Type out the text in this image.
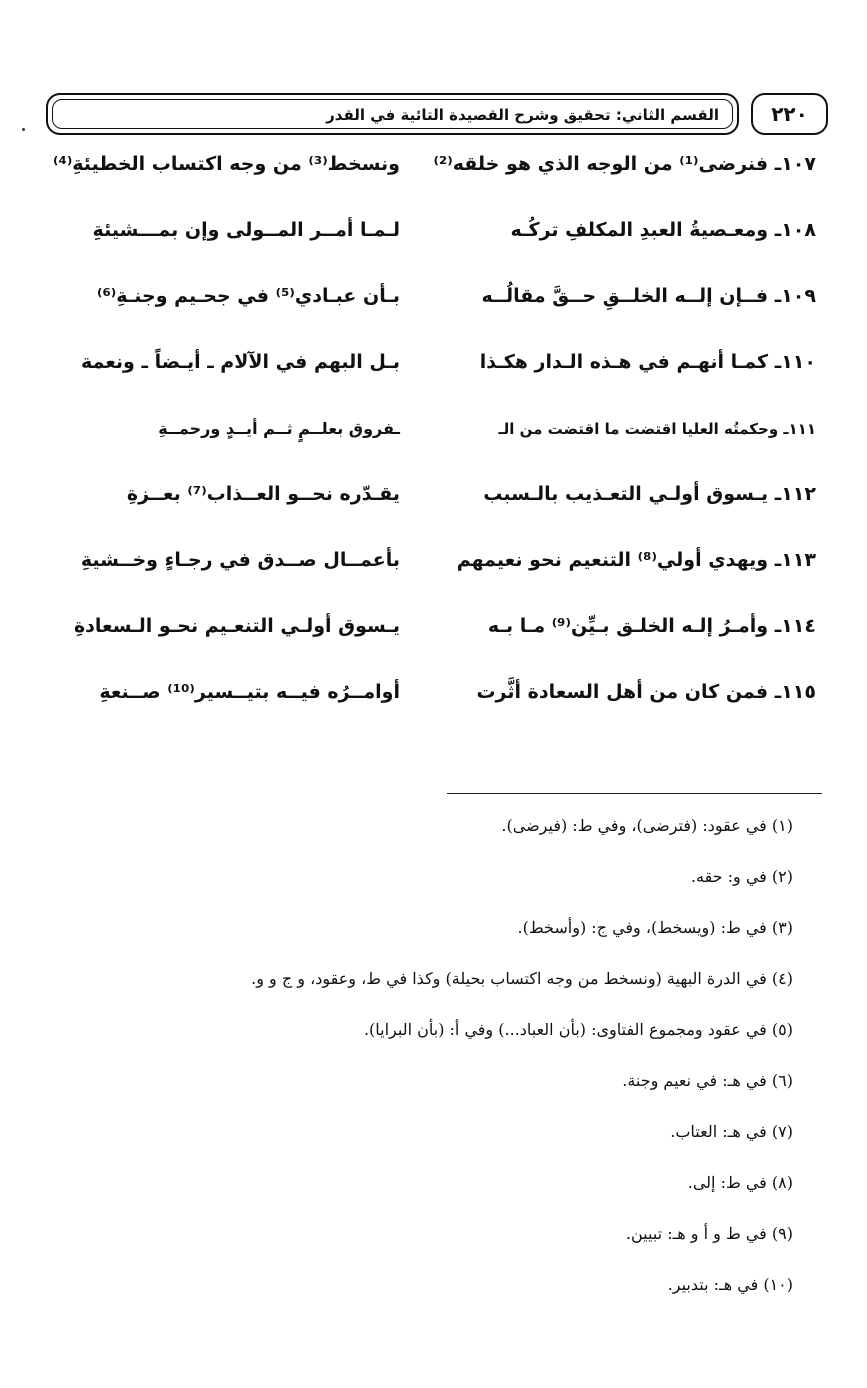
القسم الثاني: تحقيق وشرح القصيدة التائية في القدر	٢٢٠
١٠٧ـ فنرضى⁽¹⁾ من الوجه الذي هو خلقه⁽²⁾
ونسخط⁽³⁾ من وجه اكتساب الخطيئةِ⁽⁴⁾
١٠٨ـ ومعـصيةُ العبدِ المكلفِ تركُـه
لـمـا أمــر المــولى وإن بمـــشيئةِ
١٠٩ـ فــإن إلــه الخلــقِ حــقَّ مقالُــه
بـأن عبـادي⁽⁵⁾ في جحـيم وجنـةِ⁽⁶⁾
١١٠ـ كمـا أنهـم في هـذه الـدار هكـذا
بـل البهم في الآلام ـ أيـضاً ـ ونعمة
١١١ـ وحكمتُه العليا اقتضت ما اقتضت من الـ
ـفروق بعلــمٍ ثــم أيــدٍ ورحمــةِ
١١٢ـ يـسوق أولـي التعـذيب بالـسبب
يقـدّره نحــو العــذاب⁽⁷⁾ بعــزةِ
١١٣ـ ويهدي أولي⁽⁸⁾ التنعيم نحو نعيمهم
بأعمــال صــدق في رجـاءٍ وخــشيةِ
١١٤ـ وأمـرُ إلـه الخلـق بـيِّن⁽⁹⁾ مـا بـه
يـسوق أولـي التنعـيم نحـو الـسعادةِ
١١٥ـ فمن كان من أهل السعادة أثَّرت
أوامــرُه فيــه بتيــسير⁽¹⁰⁾ صــنعةِ
(١) في عقود: (فترضى)، وفي ط: (فيرضى).
(٢) في و: حقه.
(٣) في ط: (ويسخط)، وفي ج: (وأسخط).
(٤) في الدرة البهية (ونسخط من وجه اكتساب بحيلة) وكذا في ط، وعقود، و ج و و.
(٥) في عقود ومجموع الفتاوى: (بأن العباد...) وفي أ: (بأن البرايا).
(٦) في هـ: في نعيم وجنة.
(٧) في هـ: العتاب.
(٨) في ط: إلى.
(٩) في ط و أ و هـ: تبيين.
(١٠) في هـ: بتدبير.
